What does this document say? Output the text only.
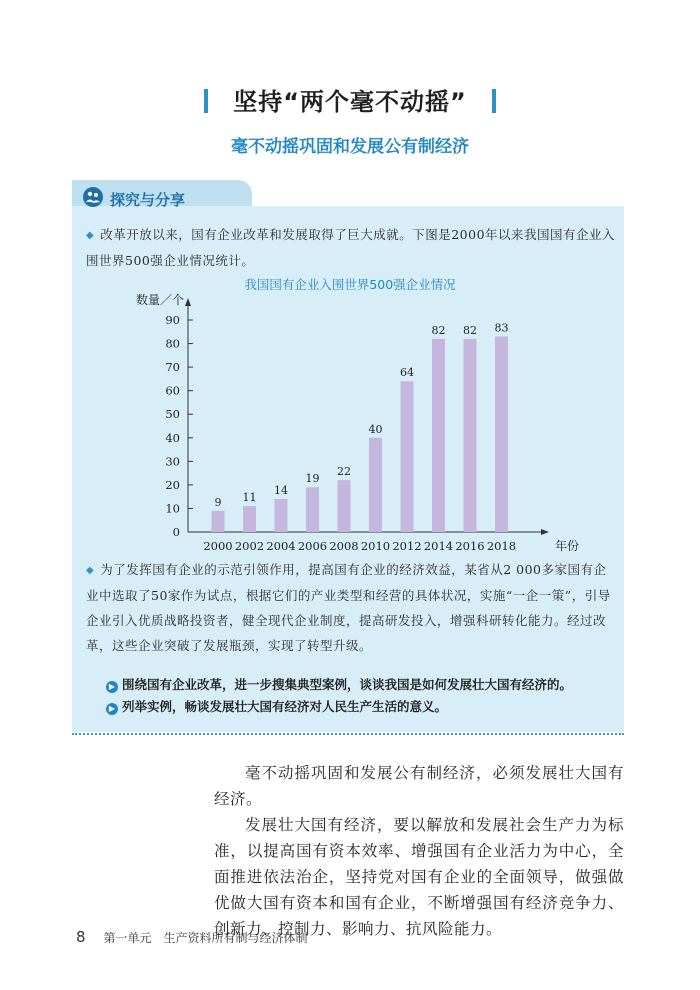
坚持“两个毫不动摇”
毫不动摇巩固和发展公有制经济
探究与分享
◆ 改革开放以来，国有企业改革和发展取得了巨大成就。下图是2000年以来我国国有企业入围世界500强企业情况统计。
我国国有企业入围世界500强企业情况
数量／个
0
10
20
30
40
50
60
70
80
90
9
2000
11
2002
14
2004
19
2006
22
2008
40
2010
64
2012
82
2014
82
2016
83
2018	年份
◆ 为了发挥国有企业的示范引领作用，提高国有企业的经济效益，某省从2 000多家国有企业中选取了50家作为试点，根据它们的产业类型和经营的具体状况，实施“一企一策”，引导企业引入优质战略投资者，健全现代企业制度，提高研发投入，增强科研转化能力。经过改革，这些企业突破了发展瓶颈，实现了转型升级。
▶ 围绕国有企业改革，进一步搜集典型案例，谈谈我国是如何发展壮大国有经济的。
▶ 列举实例，畅谈发展壮大国有经济对人民生产生活的意义。

毫不动摇巩固和发展公有制经济，必须发展壮大国有经济。

发展壮大国有经济，要以解放和发展社会生产力为标准，以提高国有资本效率、增强国有企业活力为中心，全面推进依法治企，坚持党对国有企业的全面领导，做强做优做大国有资本和国有企业，不断增强国有经济竞争力、创新力、控制力、影响力、抗风险能力。

8 第一单元　生产资料所有制与经济体制
